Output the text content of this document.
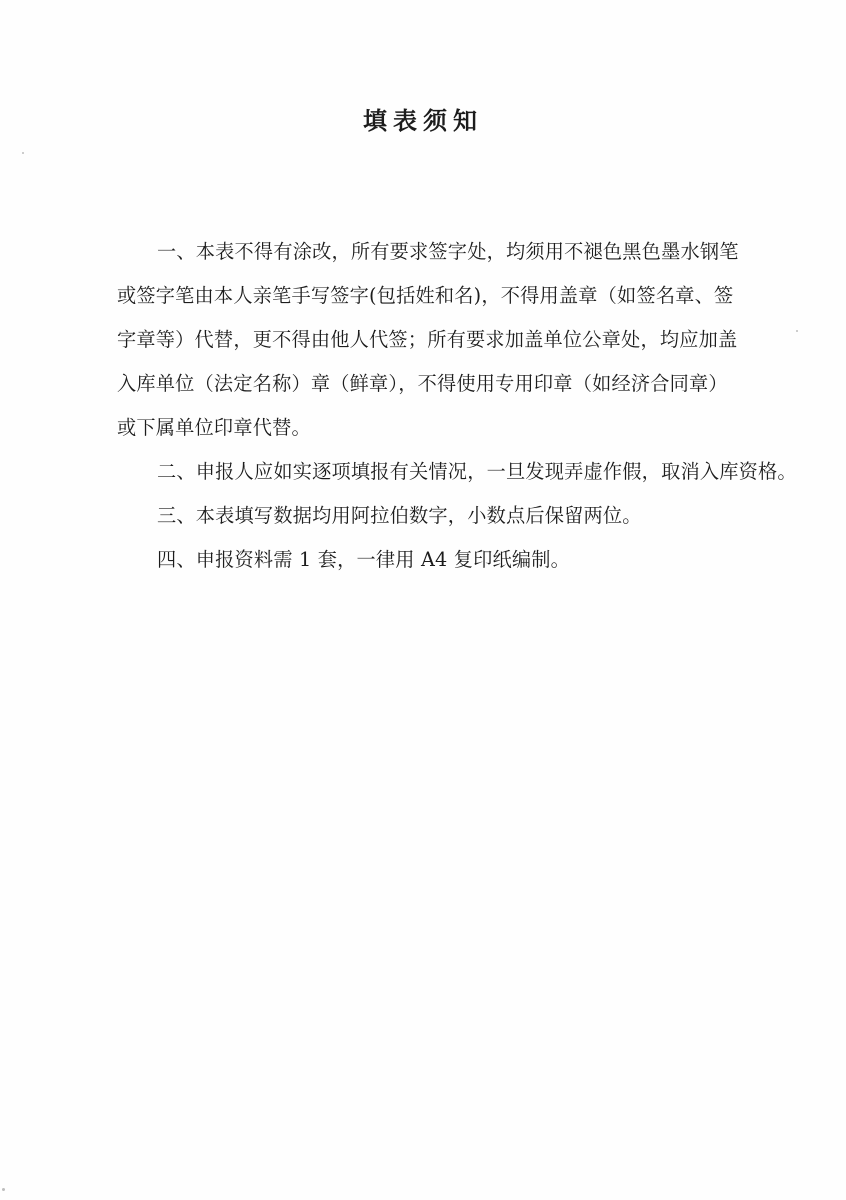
填表须知

一、本表不得有涂改，所有要求签字处，均须用不褪色黑色墨水钢笔
或签字笔由本人亲笔手写签字(包括姓和名)，不得用盖章（如签名章、签
字章等）代替，更不得由他人代签；所有要求加盖单位公章处，均应加盖
入库单位（法定名称）章（鲜章），不得使用专用印章（如经济合同章）
或下属单位印章代替。

二、申报人应如实逐项填报有关情况，一旦发现弄虚作假，取消入库资格。

三、本表填写数据均用阿拉伯数字，小数点后保留两位。

四、申报资料需 1 套，一律用 A4 复印纸编制。
